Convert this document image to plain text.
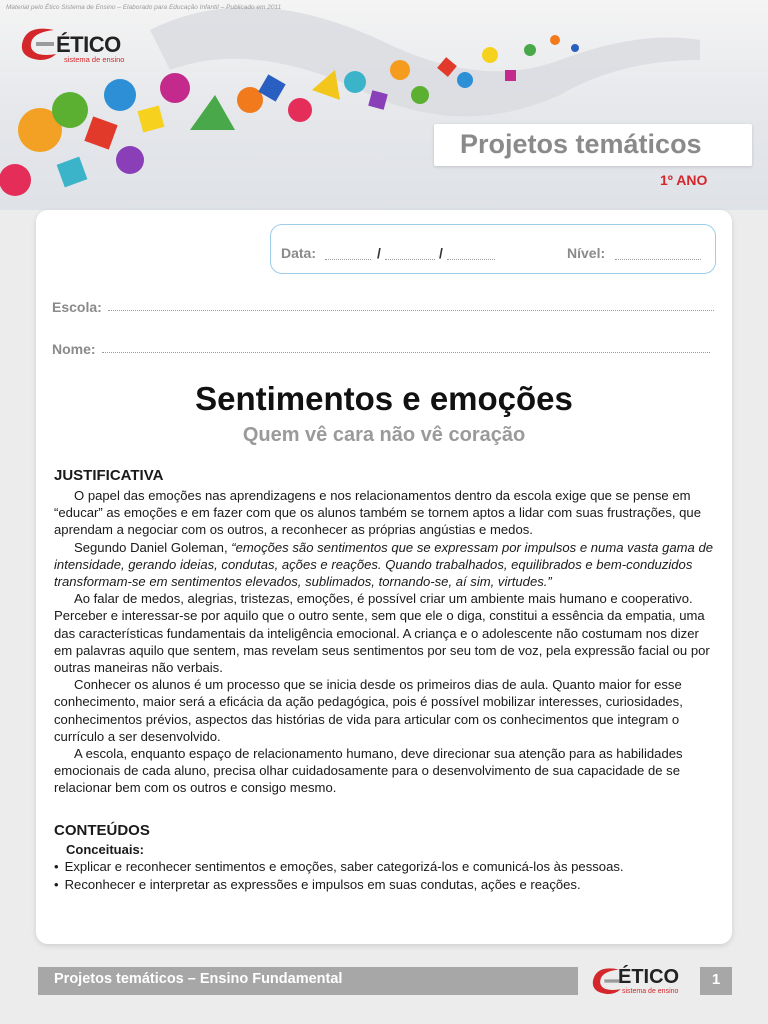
Material pelo Ético Sistema de Ensino – Elaborado para Educação Infantil – Publicado em 2011
ÉTICO
sistema de ensino
Projetos temáticos
1º ANO
Data:	/	/	Nível:
Escola:
Nome:
Sentimentos e emoções
Quem vê cara não vê coração
JUSTIFICATIVA

O papel das emoções nas aprendizagens e nos relacionamentos dentro da escola exige que se pense em “educar” as emoções e em fazer com que os alunos também se tornem aptos a lidar com suas frustrações, que aprendam a negociar com os outros, a reconhecer as próprias angústias e medos.

Segundo Daniel Goleman, “emoções são sentimentos que se expressam por impulsos e numa vasta gama de intensidade, gerando ideias, condutas, ações e reações. Quando trabalhados, equilibrados e bem-conduzidos transformam-se em sentimentos elevados, sublimados, tornando-se, aí sim, virtudes.”

Ao falar de medos, alegrias, tristezas, emoções, é possível criar um ambiente mais humano e cooperativo. Perceber e interessar-se por aquilo que o outro sente, sem que ele o diga, constitui a essência da empatia, uma das características fundamentais da inteligência emocional. A criança e o adolescente não costumam nos dizer em palavras aquilo que sentem, mas revelam seus sentimentos por seu tom de voz, pela expressão facial ou por outras maneiras não verbais.

Conhecer os alunos é um processo que se inicia desde os primeiros dias de aula. Quanto maior for esse conhecimento, maior será a eficácia da ação pedagógica, pois é possível mobilizar interesses, curiosidades, conhecimentos prévios, aspectos das histórias de vida para articular com os conhecimentos que integram o currículo a ser desenvolvido.

A escola, enquanto espaço de relacionamento humano, deve direcionar sua atenção para as habilidades emocionais de cada aluno, precisa olhar cuidadosamente para o desenvolvimento de sua capacidade de se relacionar bem com os outros e consigo mesmo.

CONTEÚDOS
Conceituais:
• Explicar e reconhecer sentimentos e emoções, saber categorizá-los e comunicá-los às pessoas.
• Reconhecer e interpretar as expressões e impulsos em suas condutas, ações e reações.
Projetos temáticos – Ensino Fundamental	ÉTICO
sistema de ensino
1
